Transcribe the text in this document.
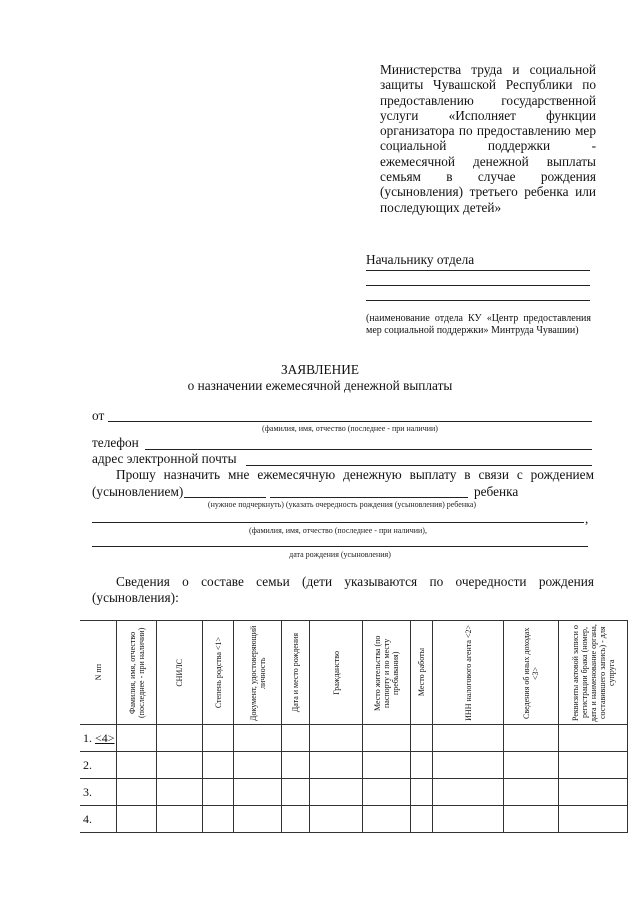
Министерства труда и социальной защиты Чувашской Республики по предоставлению государственной услуги «Исполняет функции организатора по предоставлению мер социальной поддержки - ежемесячной денежной выплаты семьям в случае рождения (усыновления) третьего ребенка или последующих детей»
Начальнику отдела
(наименование отдела КУ «Центр предоставления мер социальной поддержки» Минтруда Чувашии)
ЗАЯВЛЕНИЕ
о назначении ежемесячной денежной выплаты
от
(фамилия, имя, отчество (последнее - при наличии)
телефон
адрес электронной почты
Прошу назначить мне ежемесячную денежную выплату в связи с рождением
(усыновлением)	ребенка
(нужное подчеркнуть) (указать очередность рождения (усыновления) ребенка)
,
(фамилия, имя, отчество (последнее - при наличии),
дата рождения (усыновления)
Сведения о составе семьи (дети указываются по очередности рождения (усыновления):
N пп	Фамилия, имя, отчество (последнее - при наличии)	СНИЛС	Степень родства <1>	Документ, удостоверяющий личность	Дата и место рождения	Гражданство	Место жительства (по паспорту и по месту пребывания)	Место работы	ИНН налогового агента <2>	Сведения об иных доходах <3>	Реквизиты актовой записи о регистрации брака (номер, дата и наименование органа, составившего запись) - для супруга

1. <4>											
2.											
3.											
4.											
